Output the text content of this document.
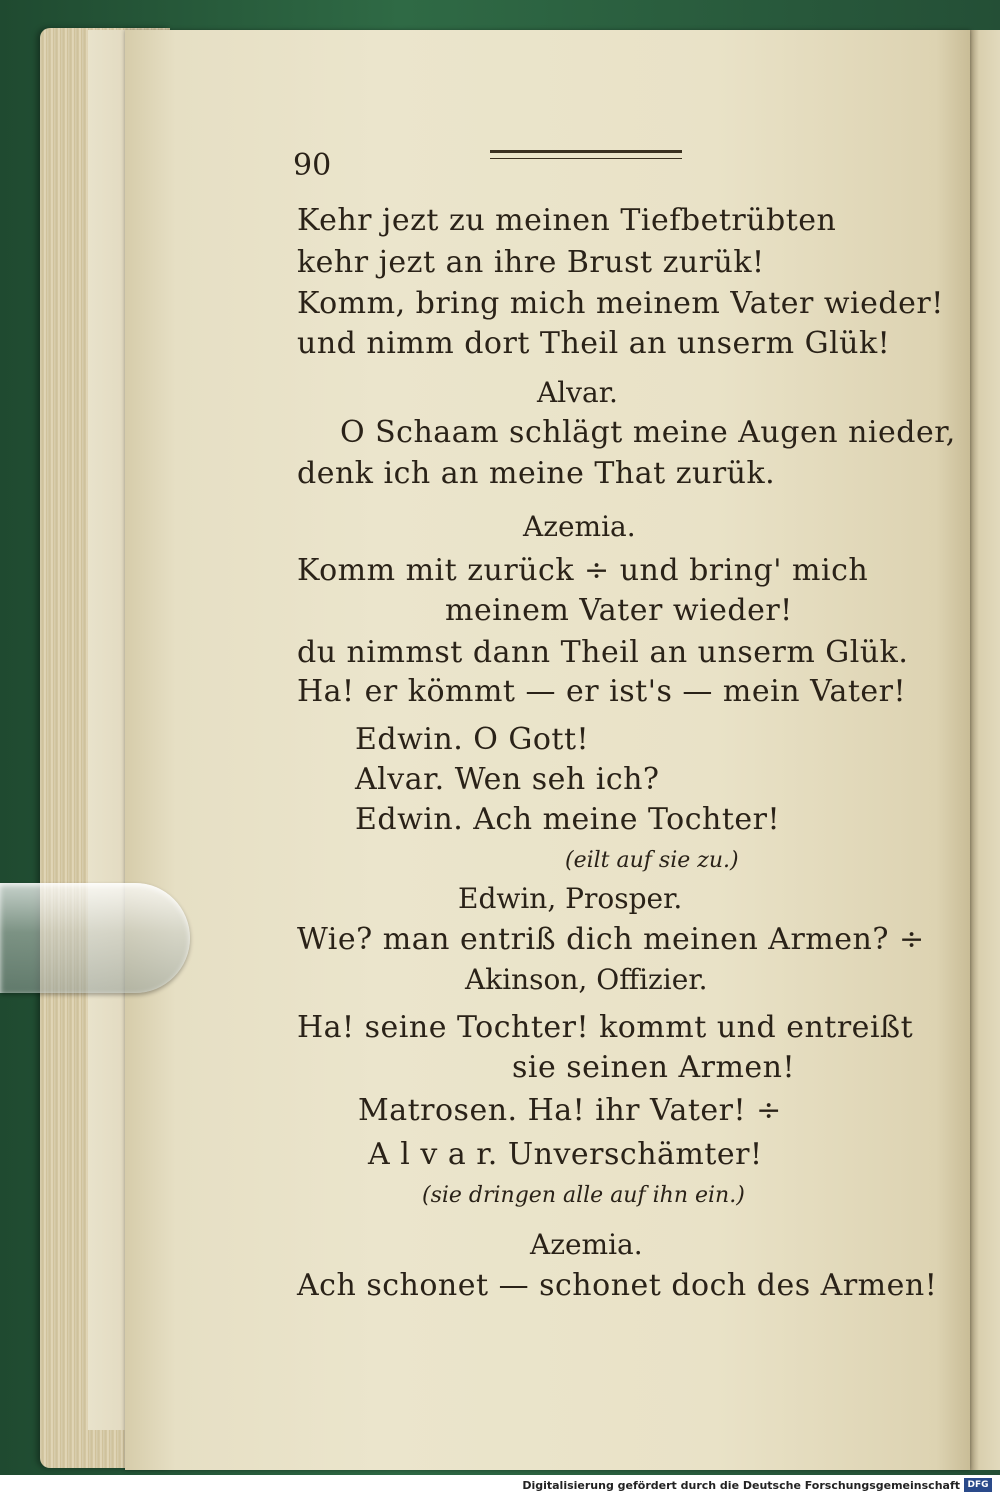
90
Kehr jezt zu meinen Tiefbetrübten
kehr jezt an ihre Brust zurük!
Komm, bring mich meinem Vater wieder!
und nimm dort Theil an unserm Glük!
Alvar.
O Schaam schlägt meine Augen nieder,
denk ich an meine That zurük.
Azemia.
Komm mit zurück ÷ und bring' mich
meinem Vater wieder!
du nimmst dann Theil an unserm Glük.
Ha! er kömmt — er ist's — mein Vater!
Edwin. O Gott!
Alvar. Wen seh ich?
Edwin. Ach meine Tochter!
(eilt auf sie zu.)
Edwin, Prosper.
Wie? man entriß dich meinen Armen? ÷
Akinson, Offizier.
Ha! seine Tochter! kommt und entreißt
sie seinen Armen!
Matrosen. Ha! ihr Vater! ÷
A l v a r. Unverschämter!
(sie dringen alle auf ihn ein.)
Azemia.
Ach schonet — schonet doch des Armen!
Digitalisierung gefördert durch die Deutsche Forschungsgemeinschaft DFG
